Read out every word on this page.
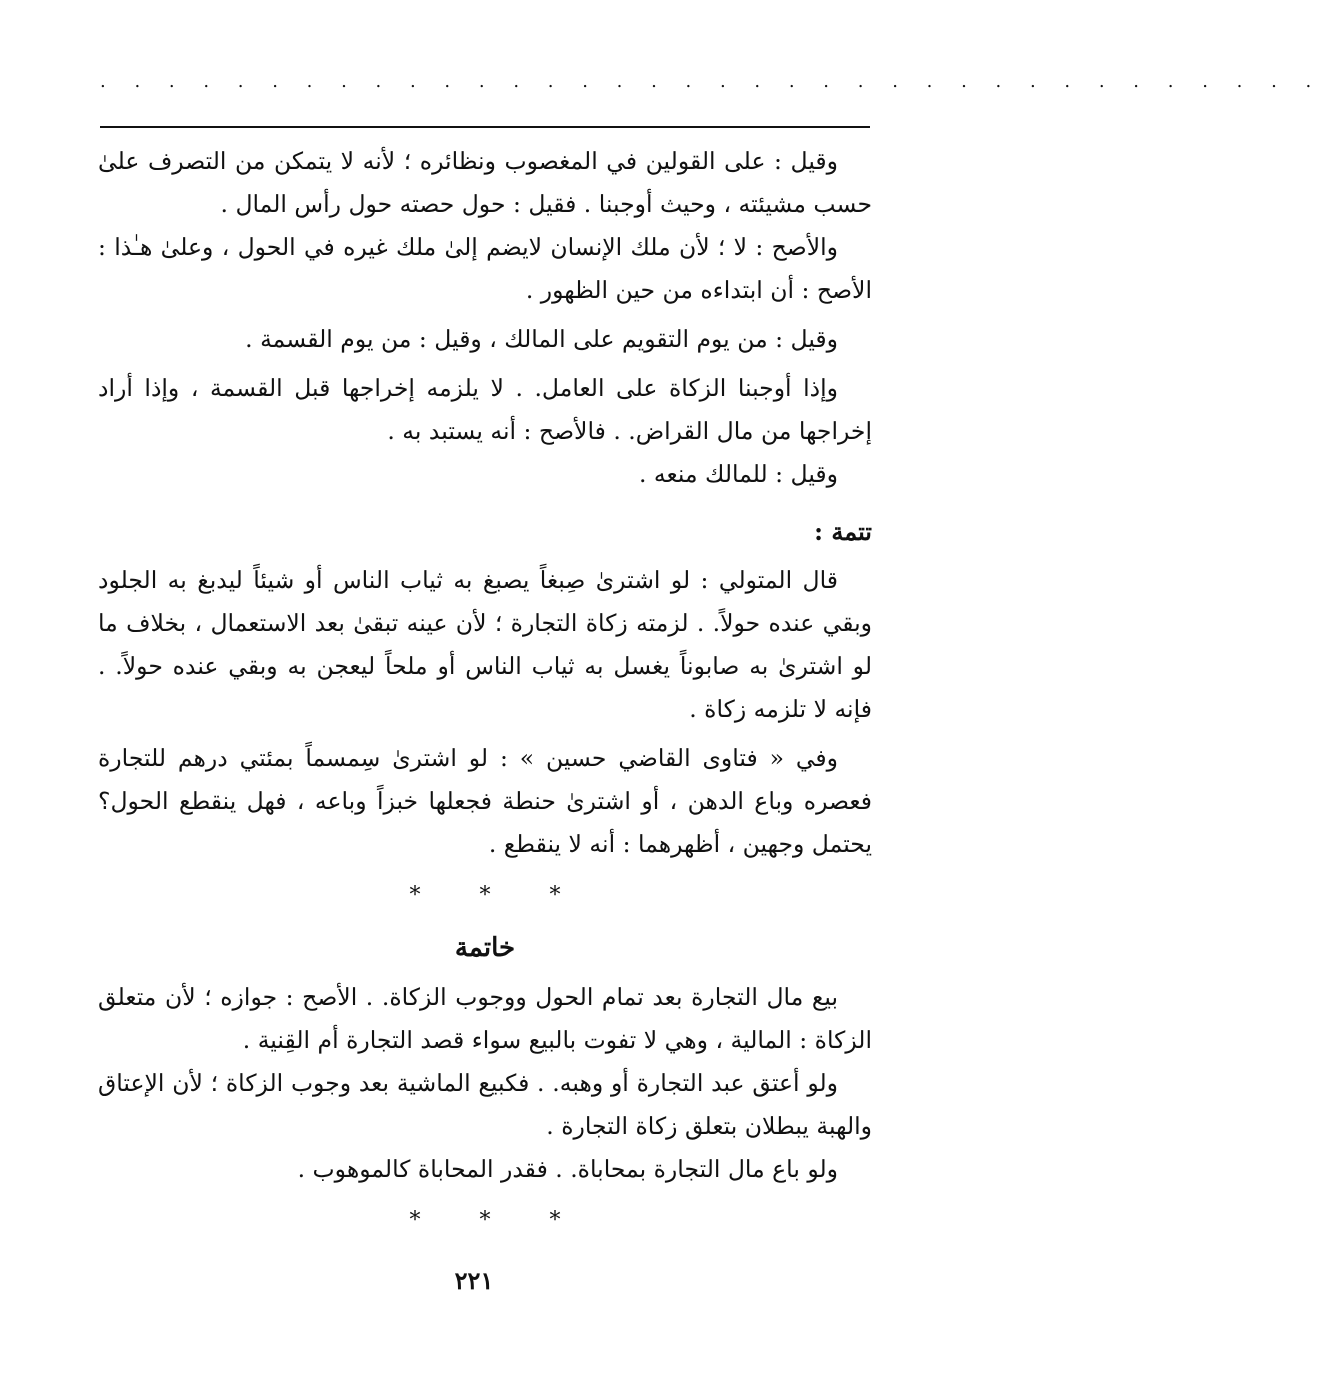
. . . . . . . . . . . . . . . . . . . . . . . . . . . . . . . . . . . .

وقيل : على القولين في المغصوب ونظائره ؛ لأنه لا يتمكن من التصرف علىٰ حسب مشيئته ، وحيث أوجبنا . فقيل : حول حصته حول رأس المال .

والأصح : لا ؛ لأن ملك الإنسان لايضم إلىٰ ملك غيره في الحول ، وعلىٰ هـٰذا : الأصح : أن ابتداءه من حين الظهور .

وقيل : من يوم التقويم على المالك ، وقيل : من يوم القسمة .

وإذا أوجبنا الزكاة على العامل. . لا يلزمه إخراجها قبل القسمة ، وإذا أراد إخراجها من مال القراض. . فالأصح : أنه يستبد به .

وقيل : للمالك منعه .

تتمة :

قال المتولي : لو اشترىٰ صِبغاً يصبغ به ثياب الناس أو شيئاً ليدبغ به الجلود وبقي عنده حولاً. . لزمته زكاة التجارة ؛ لأن عينه تبقىٰ بعد الاستعمال ، بخلاف ما لو اشترىٰ به صابوناً يغسل به ثياب الناس أو ملحاً ليعجن به وبقي عنده حولاً. . فإنه لا تلزمه زكاة .

وفي « فتاوى القاضي حسين » : لو اشترىٰ سِمسماً بمئتي درهم للتجارة فعصره وباع الدهن ، أو اشترىٰ حنطة فجعلها خبزاً وباعه ، فهل ينقطع الحول؟ يحتمل وجهين ، أظهرهما : أنه لا ينقطع .

* * *

خاتمة

بيع مال التجارة بعد تمام الحول ووجوب الزكاة. . الأصح : جوازه ؛ لأن متعلق الزكاة : المالية ، وهي لا تفوت بالبيع سواء قصد التجارة أم القِنية .

ولو أعتق عبد التجارة أو وهبه. . فكبيع الماشية بعد وجوب الزكاة ؛ لأن الإعتاق والهبة يبطلان بتعلق زكاة التجارة .

ولو باع مال التجارة بمحاباة. . فقدر المحاباة كالموهوب .

* * *

٢٢١
